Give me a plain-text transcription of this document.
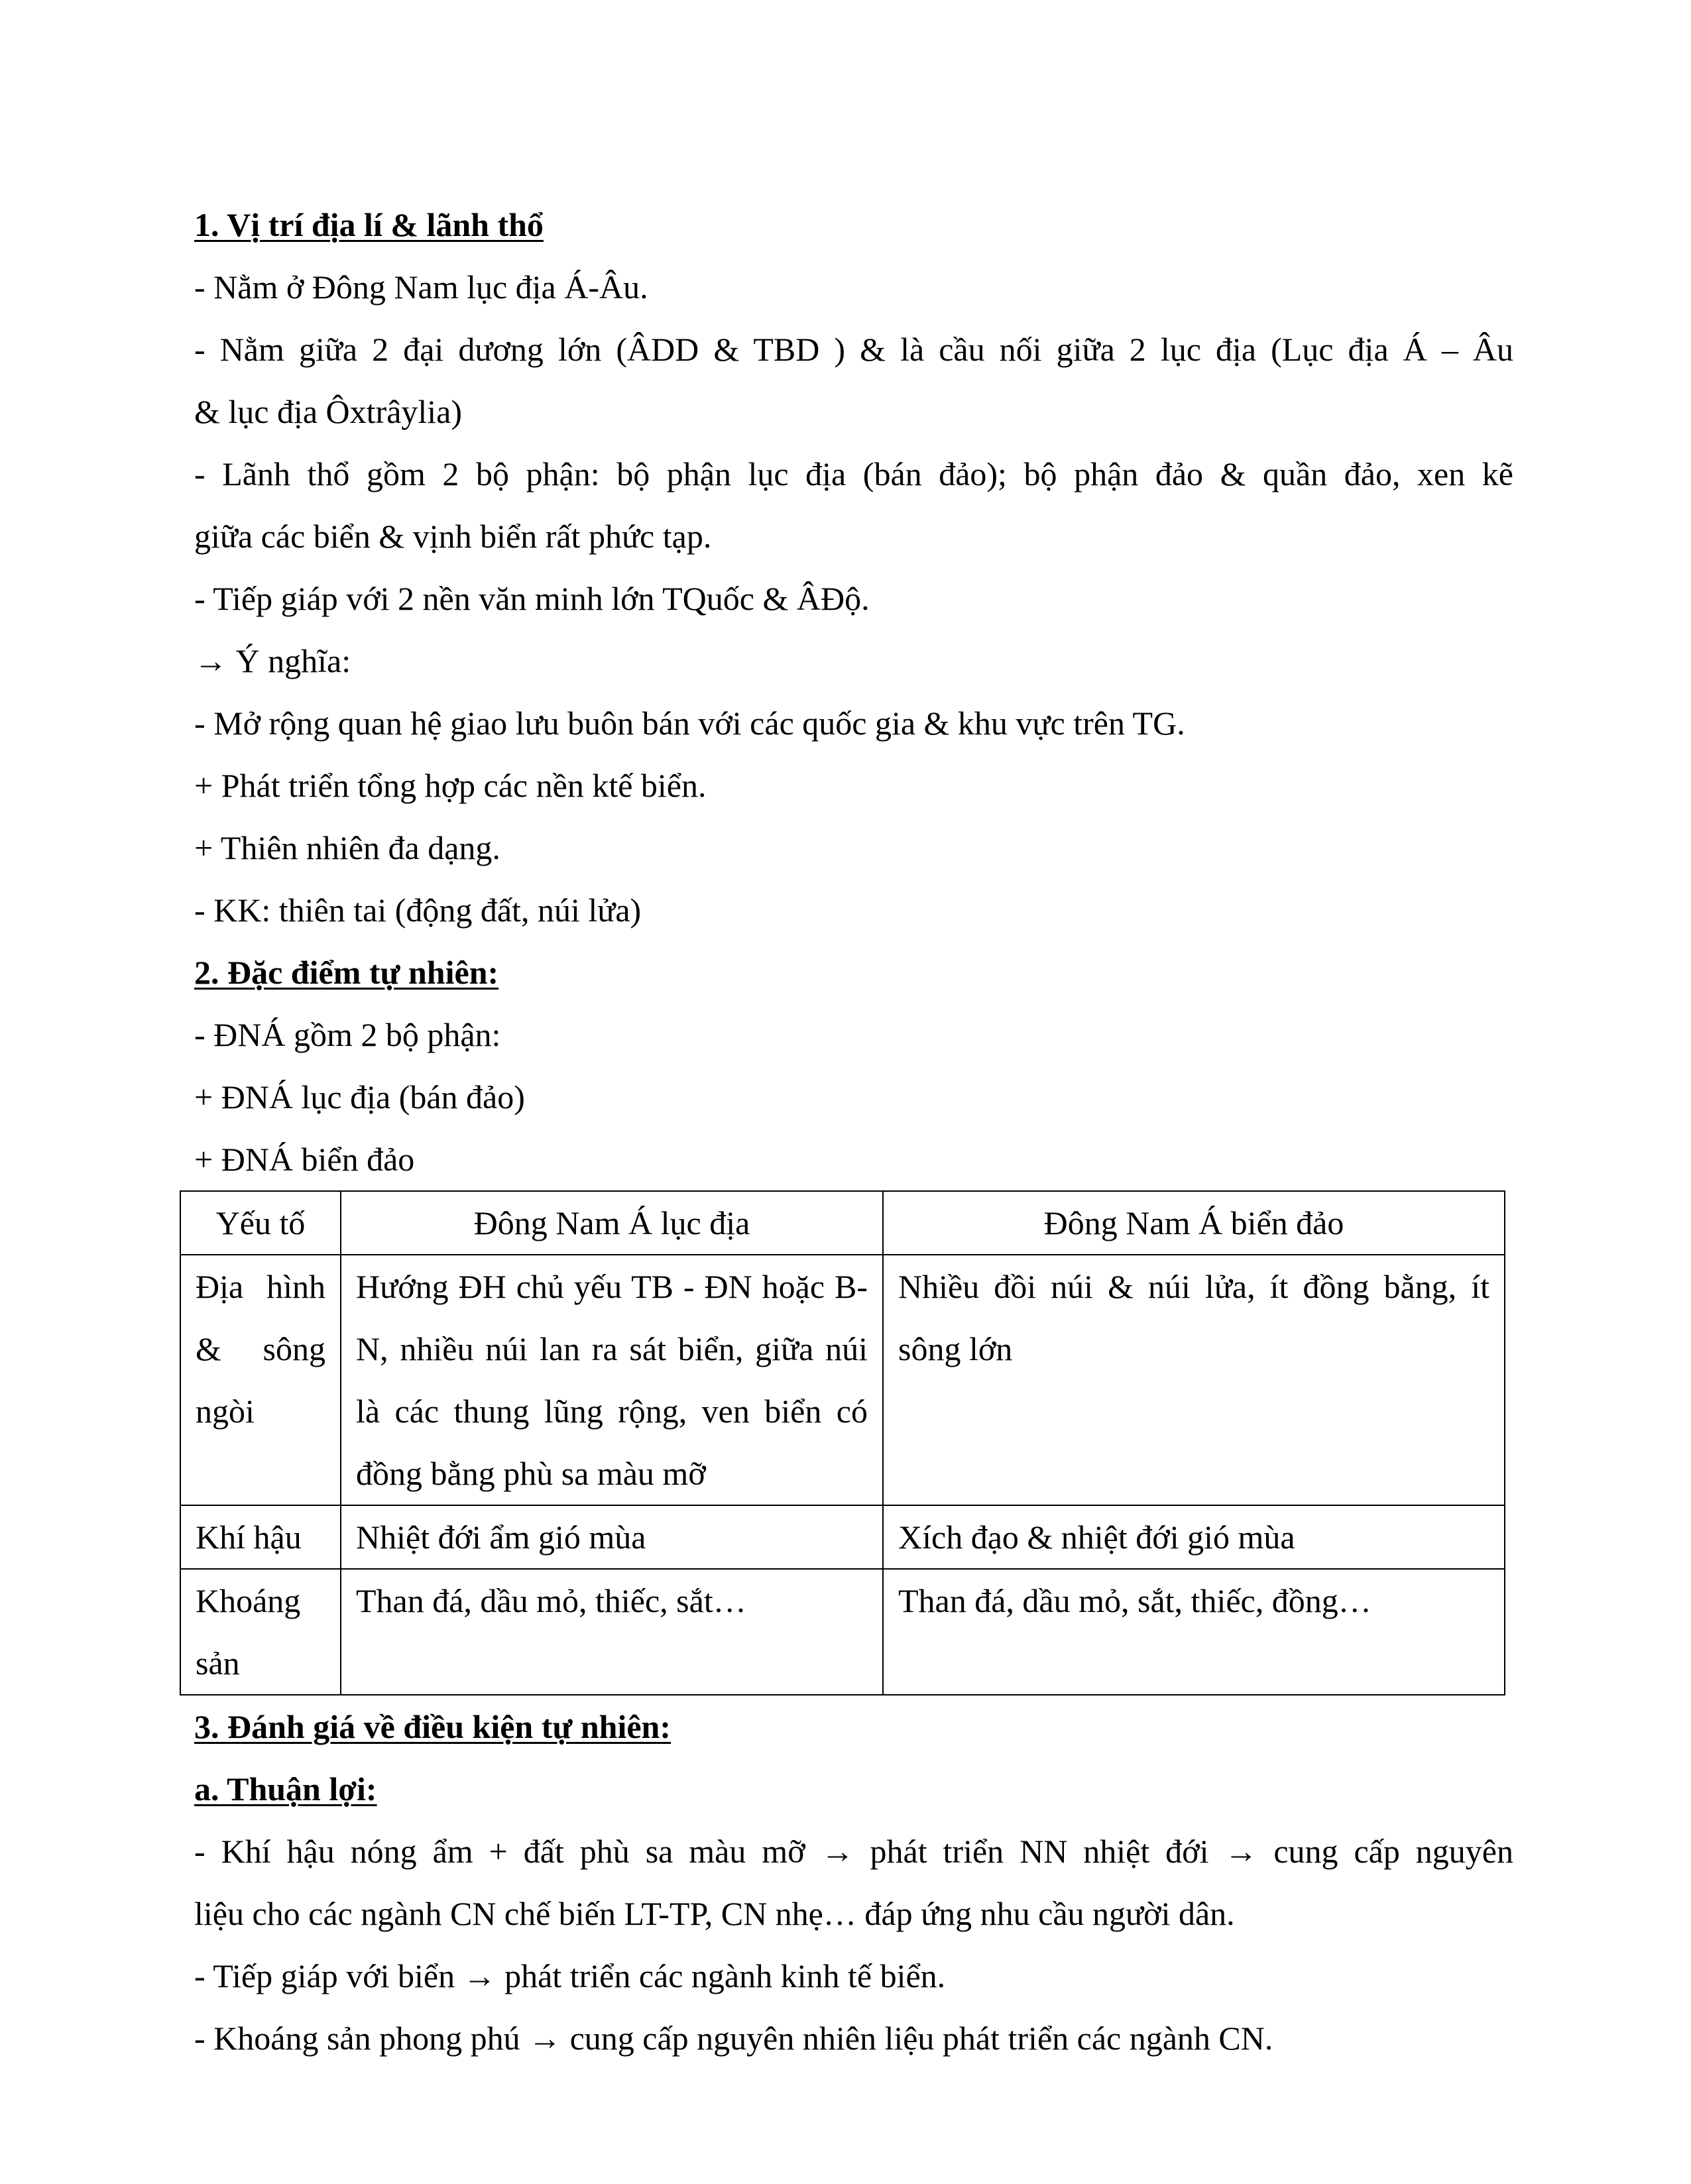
1. Vị trí địa lí & lãnh thổ
- Nằm ở Đông Nam lục địa Á-Âu.
- Nằm giữa 2 đại dương lớn (ÂDD & TBD ) & là cầu nối giữa 2 lục địa (Lục địa Á – Âu
& lục địa Ôxtrâylia)
- Lãnh thổ gồm 2 bộ phận: bộ phận lục địa (bán đảo); bộ phận đảo & quần đảo, xen kẽ
giữa các biển & vịnh biển rất phức tạp.
- Tiếp giáp với 2 nền văn minh lớn TQuốc & ÂĐộ.
→ Ý nghĩa:
- Mở rộng quan hệ giao lưu buôn bán với các quốc gia & khu vực trên TG.
+ Phát triển tổng hợp các nền ktế biển.
+ Thiên nhiên đa dạng.
- KK: thiên tai (động đất, núi lửa)
2. Đặc điểm tự nhiên:
- ĐNÁ gồm 2 bộ phận:
+ ĐNÁ lục địa (bán đảo)
+ ĐNÁ biển đảo
Yếu tố	Đông Nam Á lục địa	Đông Nam Á biển đảo
Địa hình & sông ngòi	Hướng ĐH chủ yếu TB - ĐN hoặc B-N, nhiều núi lan ra sát biển, giữa núi là các thung lũng rộng, ven biển có đồng bằng phù sa màu mỡ	Nhiều đồi núi & núi lửa, ít đồng bằng, ít sông lớn
Khí hậu	Nhiệt đới ẩm gió mùa	Xích đạo & nhiệt đới gió mùa
Khoáng sản	Than đá, dầu mỏ, thiếc, sắt…	Than đá, dầu mỏ, sắt, thiếc, đồng…
3. Đánh giá về điều kiện tự nhiên:
a. Thuận lợi:
- Khí hậu nóng ẩm + đất phù sa màu mỡ → phát triển NN nhiệt đới → cung cấp nguyên
liệu cho các ngành CN chế biến LT-TP, CN nhẹ… đáp ứng nhu cầu người dân.
- Tiếp giáp với biển → phát triển các ngành kinh tế biển.
- Khoáng sản phong phú → cung cấp nguyên nhiên liệu phát triển các ngành CN.
